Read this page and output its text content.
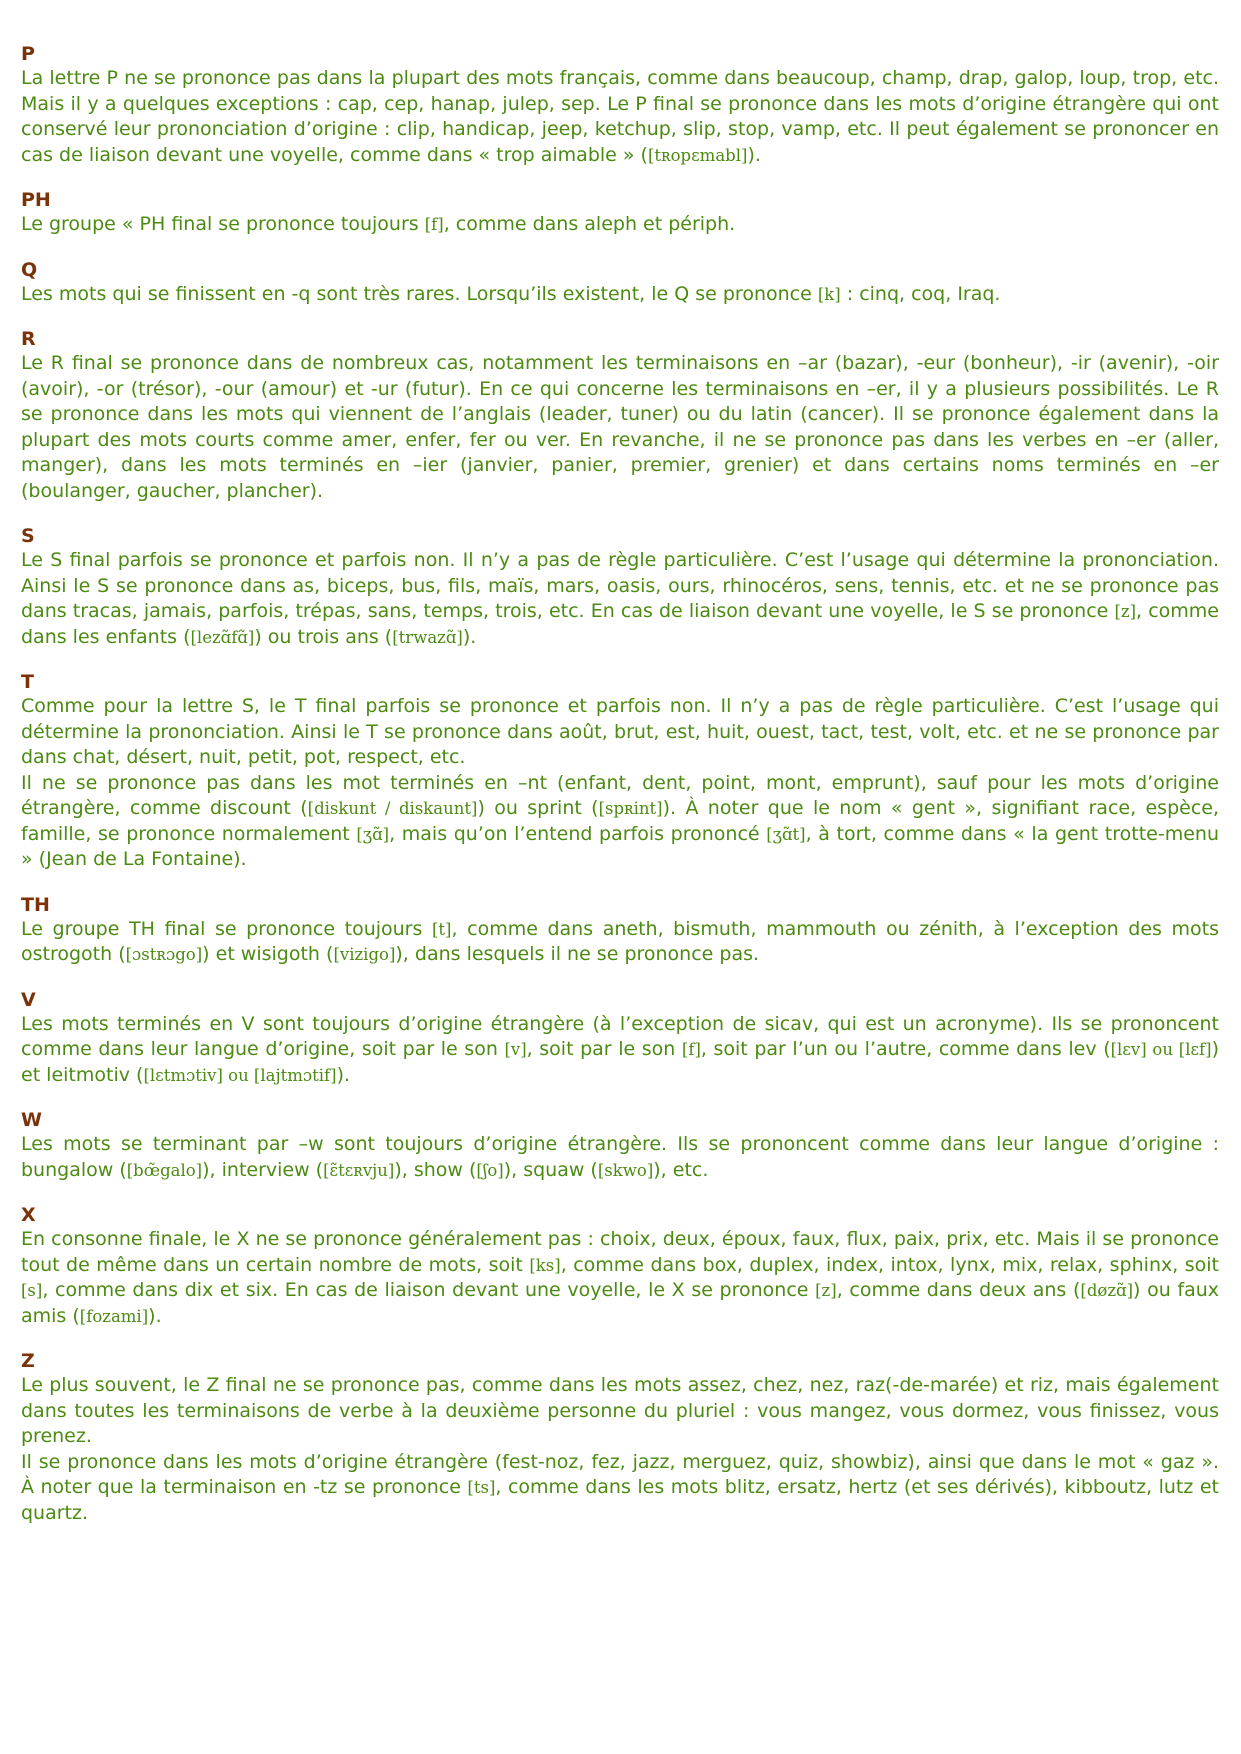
P
La lettre P ne se prononce pas dans la plupart des mots français, comme dans beaucoup, champ, drap, galop, loup, trop, etc. Mais il y a quelques exceptions : cap, cep, hanap, julep, sep. Le P final se prononce dans les mots d’origine étrangère qui ont conservé leur prononciation d’origine : clip, handicap, jeep, ketchup, slip, stop, vamp, etc. Il peut également se prononcer en cas de liaison devant une voyelle, comme dans « trop aimable » ([tʀopɛmabl]).
PH
Le groupe « PH final se prononce toujours [f], comme dans aleph et périph.
Q
Les mots qui se finissent en -q sont très rares. Lorsqu’ils existent, le Q se prononce [k] : cinq, coq, Iraq.
R
Le R final se prononce dans de nombreux cas, notamment les terminaisons en –ar (bazar), -eur (bonheur), -ir (avenir), -oir (avoir), -or (trésor), -our (amour) et -ur (futur). En ce qui concerne les terminaisons en –er, il y a plusieurs possibilités. Le R se prononce dans les mots qui viennent de l’anglais (leader, tuner) ou du latin (cancer). Il se prononce également dans la plupart des mots courts comme amer, enfer, fer ou ver. En revanche, il ne se prononce pas dans les verbes en –er (aller, manger), dans les mots terminés en –ier (janvier, panier, premier, grenier) et dans certains noms terminés en –er (boulanger, gaucher, plancher).
S
Le S final parfois se prononce et parfois non. Il n’y a pas de règle particulière. C’est l’usage qui détermine la prononciation. Ainsi le S se prononce dans as, biceps, bus, fils, maïs, mars, oasis, ours, rhinocéros, sens, tennis, etc. et ne se prononce pas dans tracas, jamais, parfois, trépas, sans, temps, trois, etc. En cas de liaison devant une voyelle, le S se prononce [z], comme dans les enfants ([lezɑ̃fɑ̃]) ou trois ans ([trwazɑ̃]).
T
Comme pour la lettre S, le T final parfois se prononce et parfois non. Il n’y a pas de règle particulière. C’est l’usage qui détermine la prononciation. Ainsi le T se prononce dans août, brut, est, huit, ouest, tact, test, volt, etc. et ne se prononce par dans chat, désert, nuit, petit, pot, respect, etc.
Il ne se prononce pas dans les mot terminés en –nt (enfant, dent, point, mont, emprunt), sauf pour les mots d’origine étrangère, comme discount ([diskunt / diskaunt]) ou sprint ([spʀint]). À noter que le nom « gent », signifiant race, espèce, famille, se prononce normalement [ʒɑ̃], mais qu’on l’entend parfois prononcé [ʒɑ̃t], à tort, comme dans « la gent trotte-menu » (Jean de La Fontaine).
TH
Le groupe TH final se prononce toujours [t], comme dans aneth, bismuth, mammouth ou zénith, à l’exception des mots ostrogoth ([ɔstʀɔgo]) et wisigoth ([vizigo]), dans lesquels il ne se prononce pas.
V
Les mots terminés en V sont toujours d’origine étrangère (à l’exception de sicav, qui est un acronyme). Ils se prononcent comme dans leur langue d’origine, soit par le son [v], soit par le son [f], soit par l’un ou l’autre, comme dans lev ([lɛv] ou [lɛf]) et leitmotiv ([lɛtmɔtiv] ou [lajtmɔtif]).
W
Les mots se terminant par –w sont toujours d’origine étrangère. Ils se prononcent comme dans leur langue d’origine : bungalow ([bœ̃galo]), interview ([ɛ̃tɛʀvju]), show ([ʃo]), squaw ([skwo]), etc.
X
En consonne finale, le X ne se prononce généralement pas : choix, deux, époux, faux, flux, paix, prix, etc. Mais il se prononce tout de même dans un certain nombre de mots, soit [ks], comme dans box, duplex, index, intox, lynx, mix, relax, sphinx, soit [s], comme dans dix et six. En cas de liaison devant une voyelle, le X se prononce [z], comme dans deux ans ([døzɑ̃]) ou faux amis ([fozami]).
Z
Le plus souvent, le Z final ne se prononce pas, comme dans les mots assez, chez, nez, raz(-de-marée) et riz, mais également dans toutes les terminaisons de verbe à la deuxième personne du pluriel : vous mangez, vous dormez, vous finissez, vous prenez.
Il se prononce dans les mots d’origine étrangère (fest-noz, fez, jazz, merguez, quiz, showbiz), ainsi que dans le mot « gaz ». À noter que la terminaison en -tz se prononce [ts], comme dans les mots blitz, ersatz, hertz (et ses dérivés), kibboutz, lutz et quartz.
